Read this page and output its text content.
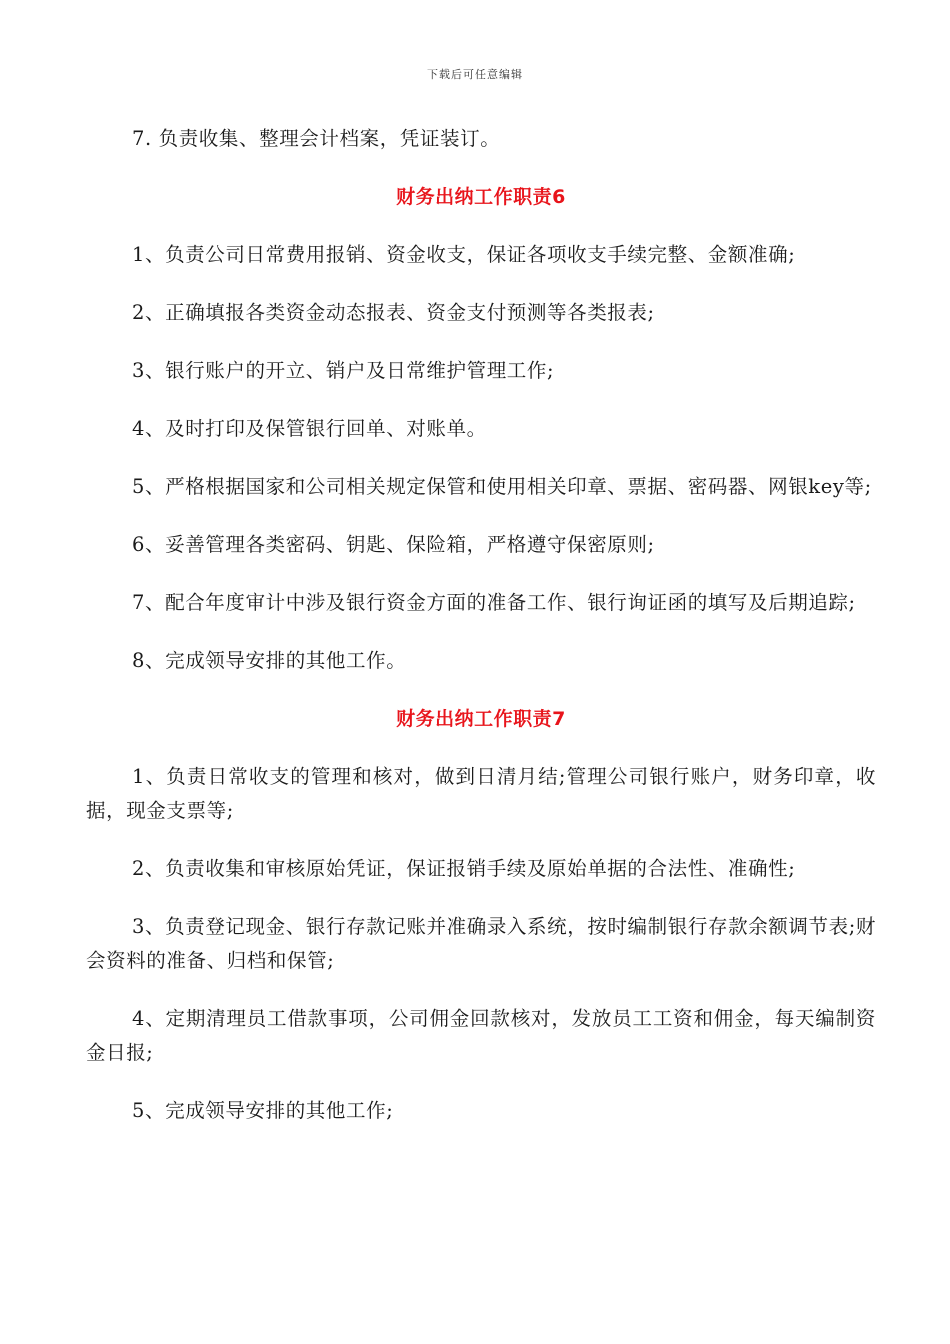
下载后可任意编辑

7. 负责收集、整理会计档案，凭证装订。

财务出纳工作职责6

1、负责公司日常费用报销、资金收支，保证各项收支手续完整、金额准确;

2、正确填报各类资金动态报表、资金支付预测等各类报表;

3、银行账户的开立、销户及日常维护管理工作;

4、及时打印及保管银行回单、对账单。

5、严格根据国家和公司相关规定保管和使用相关印章、票据、密码器、网银key等;

6、妥善管理各类密码、钥匙、保险箱，严格遵守保密原则;

7、配合年度审计中涉及银行资金方面的准备工作、银行询证函的填写及后期追踪;

8、完成领导安排的其他工作。

财务出纳工作职责7

1、负责日常收支的管理和核对，做到日清月结;管理公司银行账户，财务印章，收据，现金支票等;

2、负责收集和审核原始凭证，保证报销手续及原始单据的合法性、准确性;

3、负责登记现金、银行存款记账并准确录入系统，按时编制银行存款余额调节表;财会资料的准备、归档和保管;

4、定期清理员工借款事项，公司佣金回款核对，发放员工工资和佣金，每天编制资金日报;

5、完成领导安排的其他工作;
